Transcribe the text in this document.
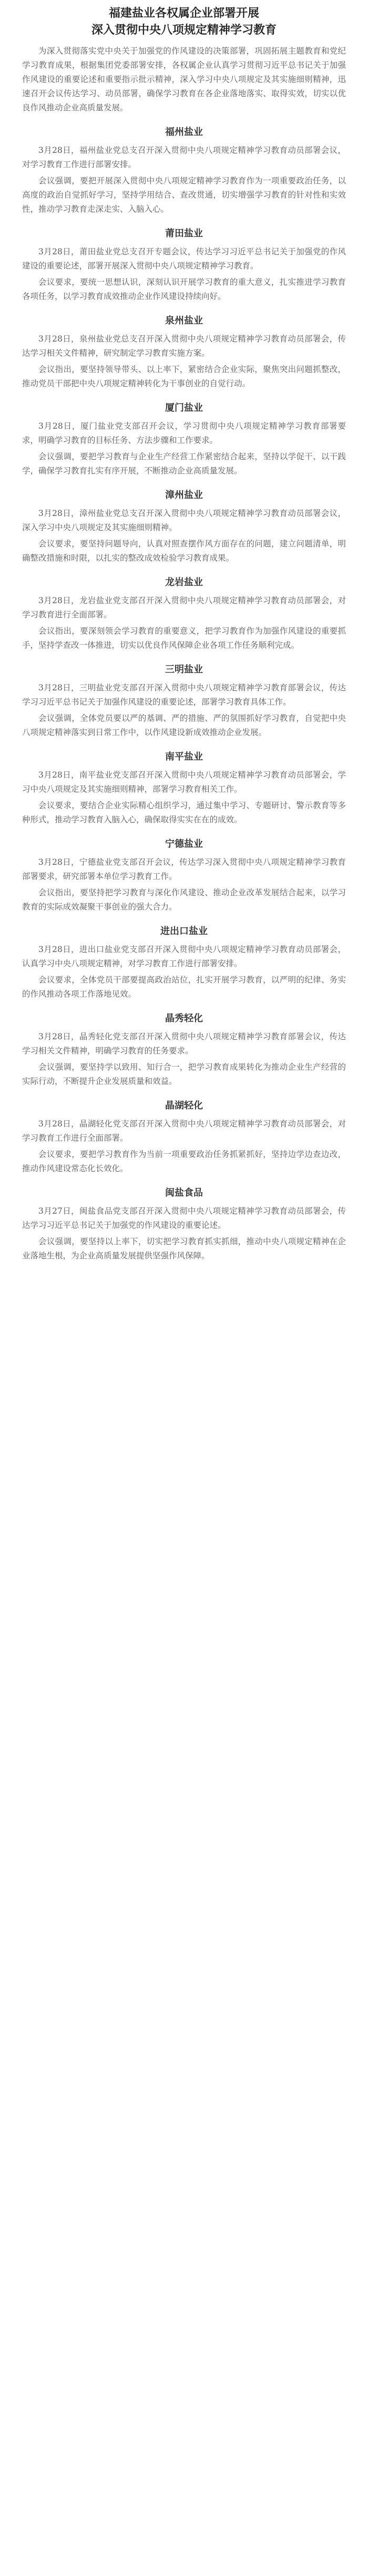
福建盐业各权属企业部署开展
深入贯彻中央八项规定精神学习教育

为深入贯彻落实党中央关于加强党的作风建设的决策部署，巩固拓展主题教育和党纪学习教育成果，根据集团党委部署安排，各权属企业认真学习贯彻习近平总书记关于加强作风建设的重要论述和重要指示批示精神，深入学习中央八项规定及其实施细则精神，迅速召开会议传达学习、动员部署，确保学习教育在各企业落地落实、取得实效，切实以优良作风推动企业高质量发展。

福州盐业

3月28日，福州盐业党总支召开深入贯彻中央八项规定精神学习教育动员部署会议，对学习教育工作进行部署安排。

会议强调，要把开展深入贯彻中央八项规定精神学习教育作为一项重要政治任务，以高度的政治自觉抓好学习，坚持学用结合、查改贯通，切实增强学习教育的针对性和实效性，推动学习教育走深走实、入脑入心。

莆田盐业

3月28日，莆田盐业党总支召开专题会议，传达学习习近平总书记关于加强党的作风建设的重要论述，部署开展深入贯彻中央八项规定精神学习教育。

会议要求，要统一思想认识，深刻认识开展学习教育的重大意义，扎实推进学习教育各项任务，以学习教育成效推动企业作风建设持续向好。

泉州盐业

3月28日，泉州盐业党总支召开深入贯彻中央八项规定精神学习教育动员部署会，传达学习相关文件精神，研究制定学习教育实施方案。

会议指出，要坚持领导带头、以上率下，紧密结合企业实际，聚焦突出问题抓整改，推动党员干部把中央八项规定精神转化为干事创业的自觉行动。

厦门盐业

3月28日，厦门盐业党支部召开会议，学习贯彻中央八项规定精神学习教育部署要求，明确学习教育的目标任务、方法步骤和工作要求。

会议强调，要把学习教育与企业生产经营工作紧密结合起来，坚持以学促干、以干践学，确保学习教育扎实有序开展，不断推动企业高质量发展。

漳州盐业

3月28日，漳州盐业党总支召开深入贯彻中央八项规定精神学习教育动员部署会议，深入学习中央八项规定及其实施细则精神。

会议要求，要坚持问题导向，认真对照查摆作风方面存在的问题，建立问题清单，明确整改措施和时限，以扎实的整改成效检验学习教育成果。

龙岩盐业

3月28日，龙岩盐业党支部召开深入贯彻中央八项规定精神学习教育动员部署会，对学习教育进行全面部署。

会议指出，要深刻领会学习教育的重要意义，把学习教育作为加强作风建设的重要抓手，坚持学查改一体推进，切实以优良作风保障企业各项工作任务顺利完成。

三明盐业

3月28日，三明盐业党支部召开深入贯彻中央八项规定精神学习教育部署会议，传达学习习近平总书记关于加强作风建设的重要论述，部署学习教育具体工作。

会议强调，全体党员要以严的基调、严的措施、严的氛围抓好学习教育，自觉把中央八项规定精神落实到日常工作中，以作风建设新成效推动企业发展。

南平盐业

3月28日，南平盐业党支部召开深入贯彻中央八项规定精神学习教育动员部署会，学习中央八项规定及其实施细则精神，部署学习教育相关工作。

会议要求，要结合企业实际精心组织学习，通过集中学习、专题研讨、警示教育等多种形式，推动学习教育入脑入心，确保取得实实在在的成效。

宁德盐业

3月28日，宁德盐业党支部召开会议，传达学习深入贯彻中央八项规定精神学习教育部署要求，研究部署本单位学习教育工作。

会议指出，要坚持把学习教育与深化作风建设、推动企业改革发展结合起来，以学习教育的实际成效凝聚干事创业的强大合力。

进出口盐业

3月28日，进出口盐业党支部召开深入贯彻中央八项规定精神学习教育动员部署会，认真学习中央八项规定精神，对学习教育工作进行部署安排。

会议要求，全体党员干部要提高政治站位，扎实开展学习教育，以严明的纪律、务实的作风推动各项工作落地见效。

晶秀轻化

3月28日，晶秀轻化党支部召开深入贯彻中央八项规定精神学习教育部署会议，传达学习相关文件精神，明确学习教育的任务要求。

会议强调，要坚持学以致用、知行合一，把学习教育成果转化为推动企业生产经营的实际行动，不断提升企业发展质量和效益。

晶湖轻化

3月28日，晶湖轻化党支部召开深入贯彻中央八项规定精神学习教育动员部署会，对学习教育工作进行全面部署。

会议要求，要把学习教育作为当前一项重要政治任务抓紧抓好，坚持边学边查边改，推动作风建设常态化长效化。

闽盐食品

3月27日，闽盐食品党支部召开深入贯彻中央八项规定精神学习教育动员部署会，传达学习习近平总书记关于加强党的作风建设的重要论述。

会议强调，要坚持以上率下，切实把学习教育抓实抓细，推动中央八项规定精神在企业落地生根，为企业高质量发展提供坚强作风保障。
